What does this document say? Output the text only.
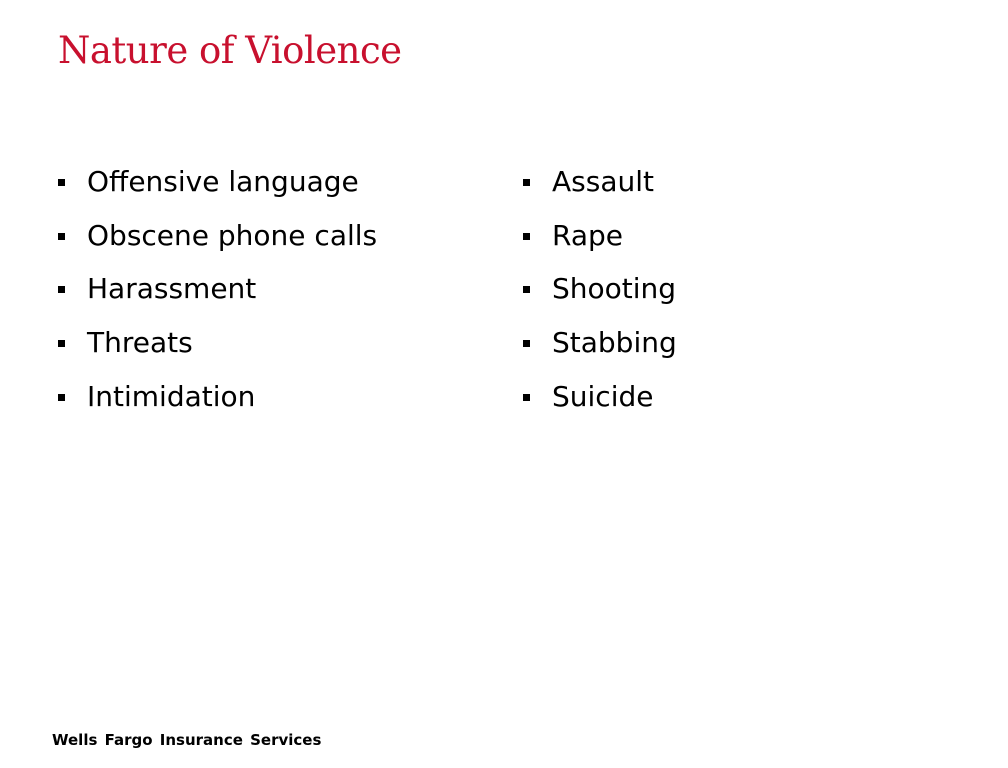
Nature of Violence
Offensive language
Obscene phone calls
Harassment
Threats
Intimidation
Assault
Rape
Shooting
Stabbing
Suicide
Wells Fargo Insurance Services
